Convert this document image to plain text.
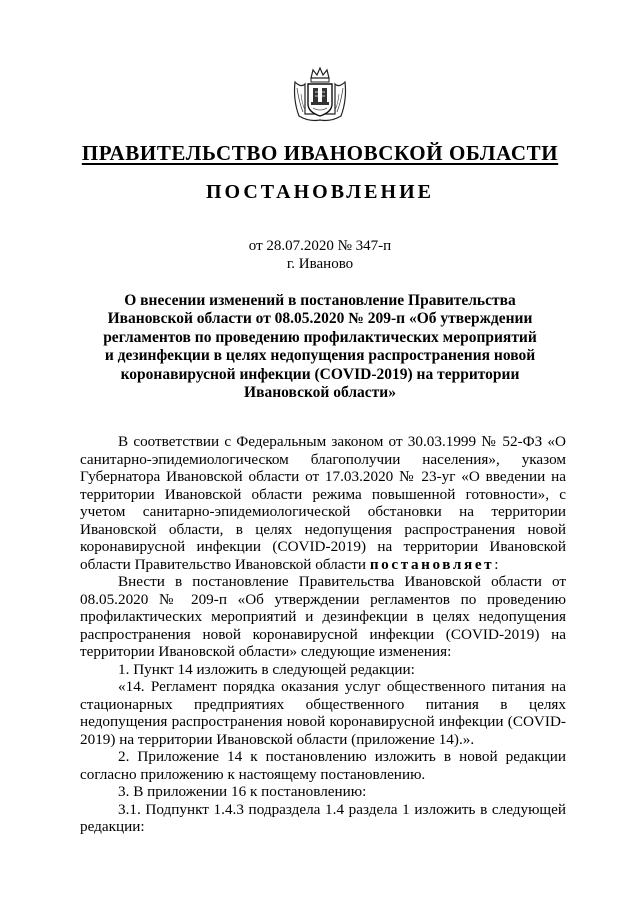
ПРАВИТЕЛЬСТВО ИВАНОВСКОЙ ОБЛАСТИ
ПОСТАНОВЛЕНИЕ
от 28.07.2020 № 347-п
г. Иваново
О внесении изменений в постановление Правительства Ивановской области от 08.05.2020 № 209-п «Об утверждении регламентов по проведению профилактических мероприятий и дезинфекции в целях недопущения распространения новой коронавирусной инфекции (COVID-2019) на территории Ивановской области»

В соответствии с Федеральным законом от 30.03.1999 № 52-ФЗ «О санитарно-эпидемиологическом благополучии населения», указом Губернатора Ивановской области от 17.03.2020 № 23-уг «О введении на территории Ивановской области режима повышенной готовности», с учетом санитарно-эпидемиологической обстановки на территории Ивановской области, в целях недопущения распространения новой коронавирусной инфекции (COVID-2019) на территории Ивановской области Правительство Ивановской области постановляет:

Внести в постановление Правительства Ивановской области от 08.05.2020 № 209-п «Об утверждении регламентов по проведению профилактических мероприятий и дезинфекции в целях недопущения распространения новой коронавирусной инфекции (COVID-2019) на территории Ивановской области» следующие изменения:

1. Пункт 14 изложить в следующей редакции:

«14. Регламент порядка оказания услуг общественного питания на стационарных предприятиях общественного питания в целях недопущения распространения новой коронавирусной инфекции (COVID-2019) на территории Ивановской области (приложение 14).».

2. Приложение 14 к постановлению изложить в новой редакции согласно приложению к настоящему постановлению.

3. В приложении 16 к постановлению:

3.1. Подпункт 1.4.3 подраздела 1.4 раздела 1 изложить в следующей редакции:
